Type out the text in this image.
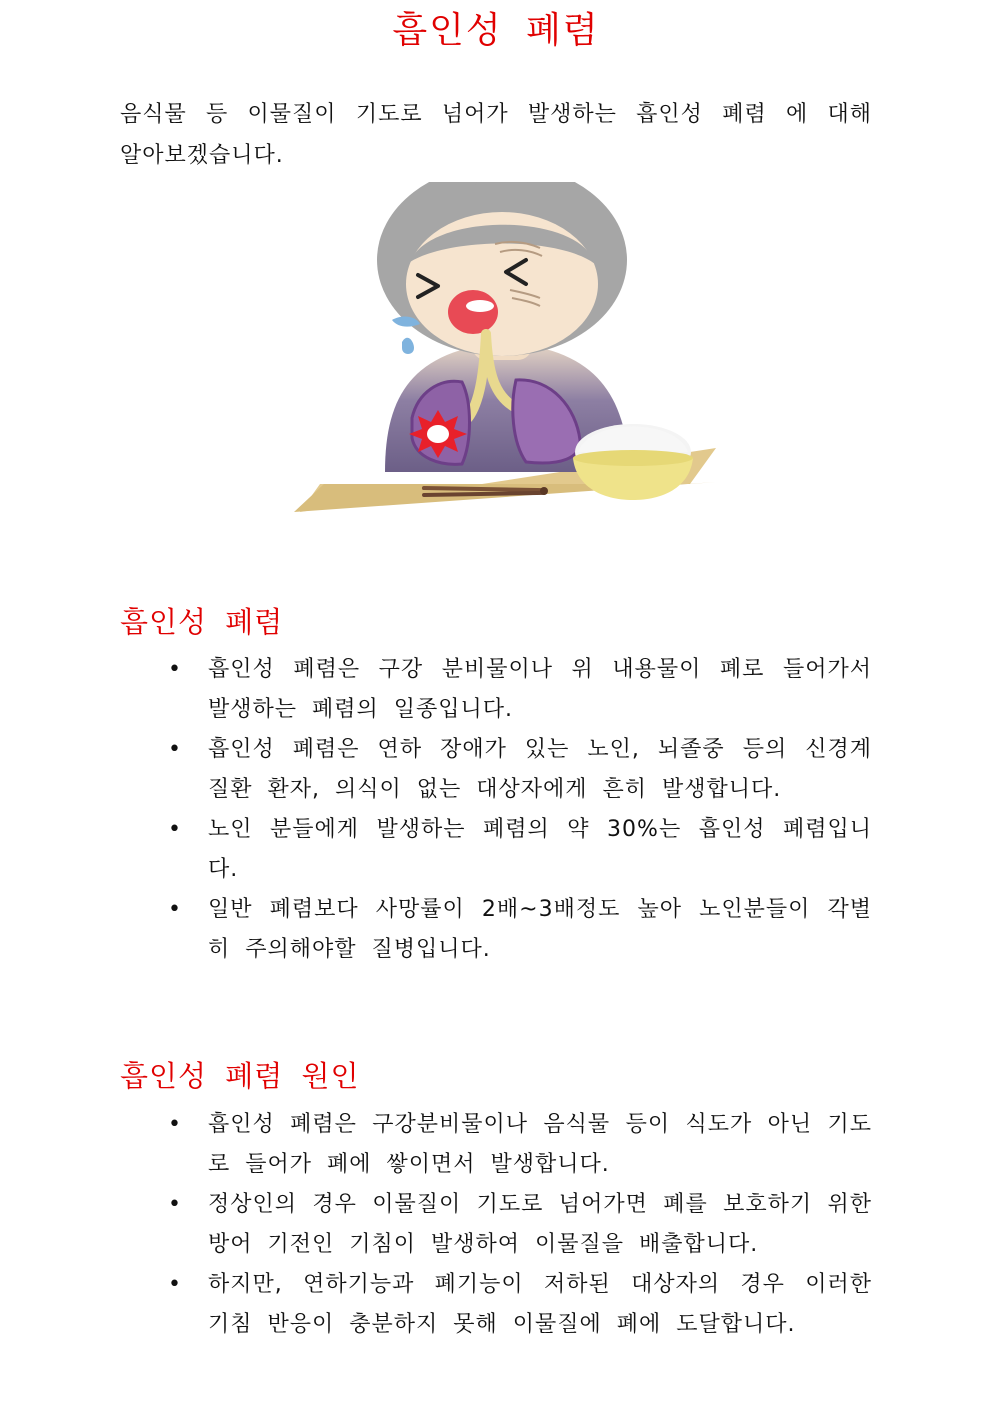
흡인성 폐렴
음식물 등 이물질이 기도로 넘어가 발생하는 흡인성 폐렴 에 대해 알아보겠습니다.
흡인성 폐렴
• 흡인성 폐렴은 구강 분비물이나 위 내용물이 폐로 들어가서 발생하는 폐렴의 일종입니다.
• 흡인성 폐렴은 연하 장애가 있는 노인, 뇌졸중 등의 신경계 질환 환자, 의식이 없는 대상자에게 흔히 발생합니다.
• 노인 분들에게 발생하는 폐렴의 약 30%는 흡인성 폐렴입니다.
• 일반 폐렴보다 사망률이 2배~3배정도 높아 노인분들이 각별히 주의해야할 질병입니다.
흡인성 폐렴 원인
• 흡인성 폐렴은 구강분비물이나 음식물 등이 식도가 아닌 기도로 들어가 폐에 쌓이면서 발생합니다.
• 정상인의 경우 이물질이 기도로 넘어가면 폐를 보호하기 위한 방어 기전인 기침이 발생하여 이물질을 배출합니다.
• 하지만, 연하기능과 폐기능이 저하된 대상자의 경우 이러한 기침 반응이 충분하지 못해 이물질에 폐에 도달합니다.
